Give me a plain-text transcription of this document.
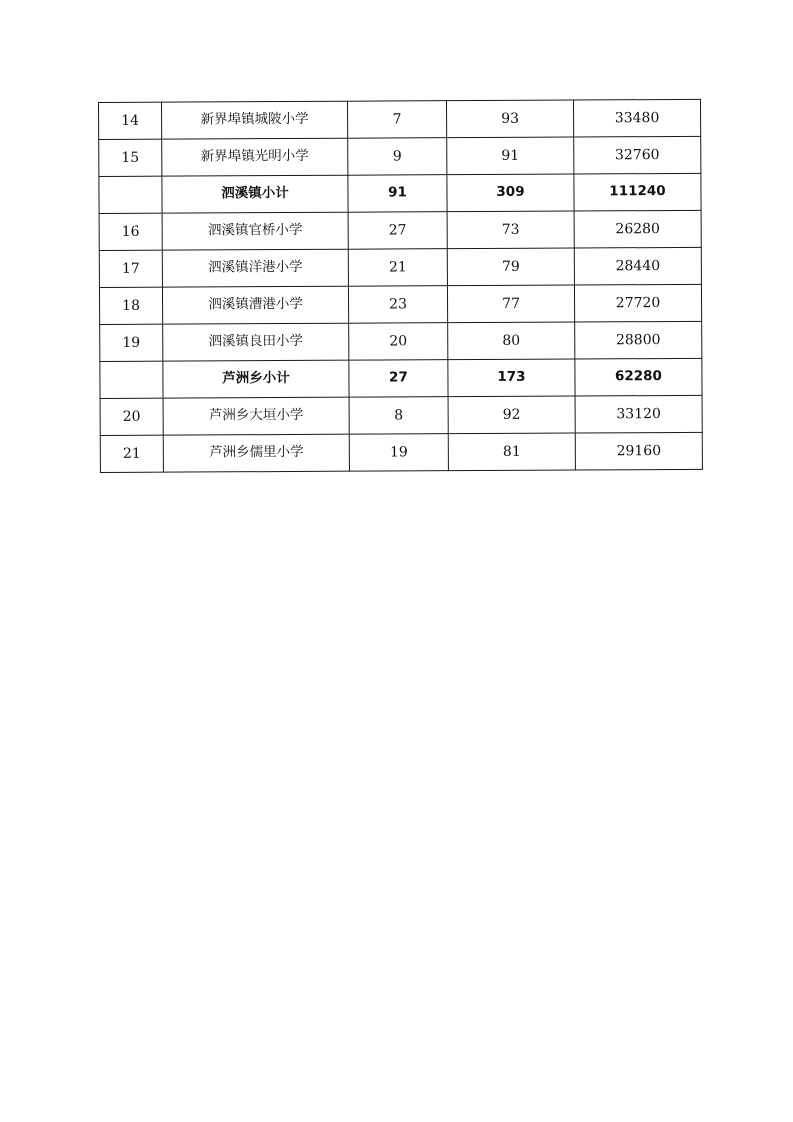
14	新界埠镇城陂小学	7	93	33480
15	新界埠镇光明小学	9	91	32760
	泗溪镇小计	91	309	111240
16	泗溪镇官桥小学	27	73	26280
17	泗溪镇洋港小学	21	79	28440
18	泗溪镇漕港小学	23	77	27720
19	泗溪镇良田小学	20	80	28800
	芦洲乡小计	27	173	62280
20	芦洲乡大垣小学	8	92	33120
21	芦洲乡儒里小学	19	81	29160
